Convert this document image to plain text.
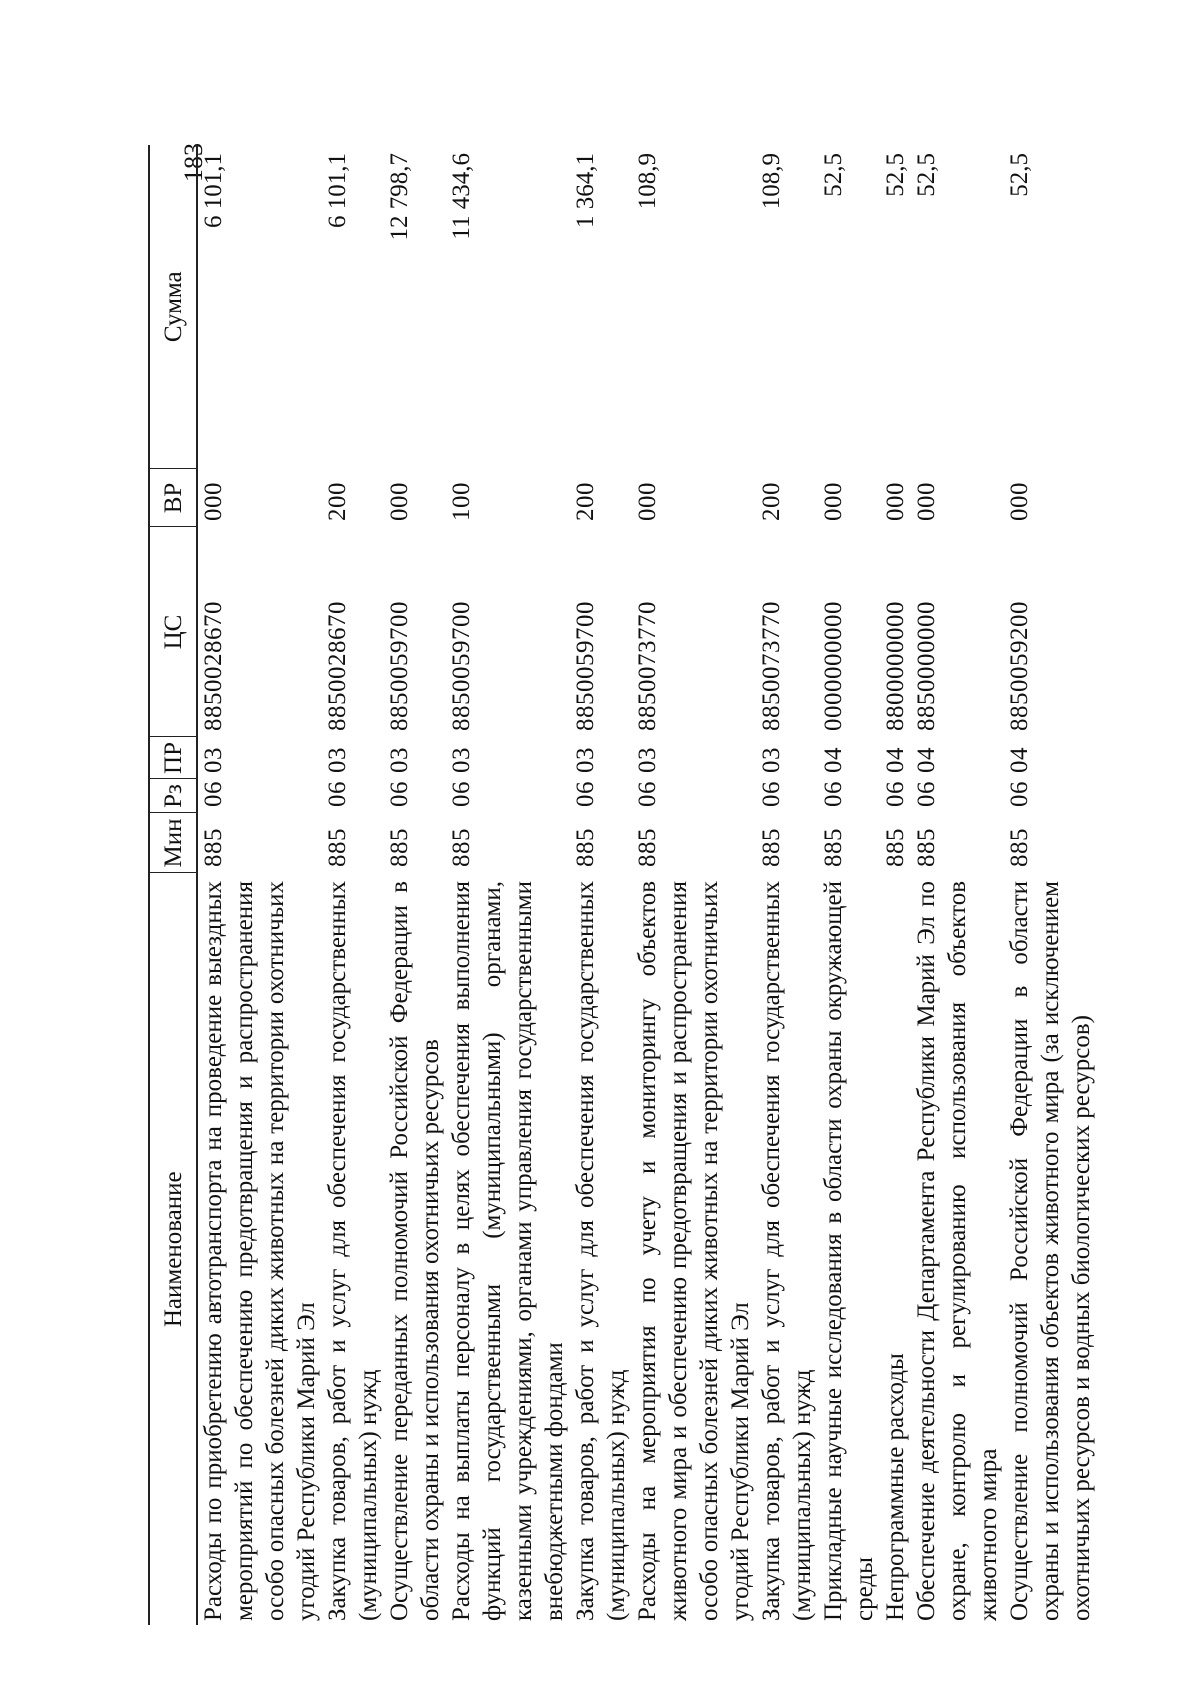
183
Наименование	Мин	Рз	ПР	ЦС	ВР	Сумма
Расходы по приобретению автотранспорта на проведение выездных мероприятий по обеспечению предотвращения и распространения особо опасных болезней диких животных на территории охотничьих угодий Республики Марий Эл	885	06	03	8850028670	000	6 101,1
Закупка товаров, работ и услуг для обеспечения государственных (муниципальных) нужд	885	06	03	8850028670	200	6 101,1
Осуществление переданных полномочий Российской Федерации в области охраны и использования охотничьих ресурсов	885	06	03	8850059700	000	12 798,7
Расходы на выплаты персоналу в целях обеспечения выполнения функций государственными (муниципальными) органами, казенными учреждениями, органами управления государственными внебюджетными фондами	885	06	03	8850059700	100	11 434,6
Закупка товаров, работ и услуг для обеспечения государственных (муниципальных) нужд	885	06	03	8850059700	200	1 364,1
Расходы на мероприятия по учету и мониторингу объектов животного мира и обеспечению предотвращения и распространения особо опасных болезней диких животных на территории охотничьих угодий Республики Марий Эл	885	06	03	8850073770	000	108,9
Закупка товаров, работ и услуг для обеспечения государственных (муниципальных) нужд	885	06	03	8850073770	200	108,9
Прикладные научные исследования в области охраны окружающей среды	885	06	04	0000000000	000	52,5
Непрограммные расходы	885	06	04	8800000000	000	52,5
Обеспечение деятельности Департамента Республики Марий Эл по охране, контролю и регулированию использования объектов животного мира	885	06	04	8850000000	000	52,5
Осуществление полномочий Российской Федерации в области охраны и использования объектов животного мира (за исключением охотничьих ресурсов и водных биологических ресурсов)	885	06	04	8850059200	000	52,5
